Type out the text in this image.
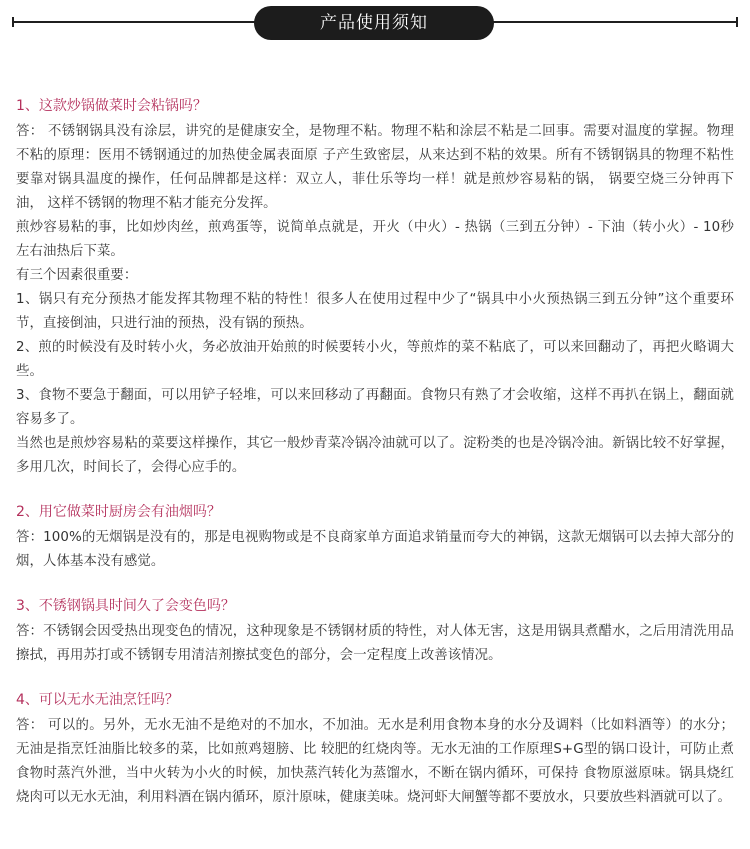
产品使用须知
1、这款炒锅做菜时会粘锅吗？

答： 不锈钢锅具没有涂层，讲究的是健康安全，是物理不粘。物理不粘和涂层不粘是二回事。需要对温度的掌握。物理不粘的原理：医用不锈钢通过的加热使金属表面原 子产生致密层，从来达到不粘的效果。所有不锈钢锅具的物理不粘性要靠对锅具温度的操作，任何品牌都是这样：双立人，菲仕乐等均一样！就是煎炒容易粘的锅， 锅要空烧三分钟再下油， 这样不锈钢的物理不粘才能充分发挥。

煎炒容易粘的事，比如炒肉丝，煎鸡蛋等，说简单点就是，开火（中火）- 热锅（三到五分钟）- 下油（转小火）- 10秒左右油热后下菜。

有三个因素很重要：

1、锅只有充分预热才能发挥其物理不粘的特性！很多人在使用过程中少了“锅具中小火预热锅三到五分钟”这个重要环节，直接倒油，只进行油的预热，没有锅的预热。

2、煎的时候没有及时转小火，务必放油开始煎的时候要转小火，等煎炸的菜不粘底了，可以来回翻动了，再把火略调大些。

3、食物不要急于翻面，可以用铲子轻堆，可以来回移动了再翻面。食物只有熟了才会收缩，这样不再扒在锅上，翻面就容易多了。

当然也是煎炒容易粘的菜要这样操作，其它一般炒青菜冷锅冷油就可以了。淀粉类的也是冷锅冷油。新锅比较不好掌握，多用几次，时间长了，会得心应手的。

2、用它做菜时厨房会有油烟吗？

答：100%的无烟锅是没有的，那是电视购物或是不良商家单方面追求销量而夸大的神锅，这款无烟锅可以去掉大部分的烟，人体基本没有感觉。

3、不锈钢锅具时间久了会变色吗？

答：不锈钢会因受热出现变色的情况，这种现象是不锈钢材质的特性，对人体无害，这是用锅具煮醋水，之后用清洗用品擦拭，再用苏打或不锈钢专用清洁剂擦拭变色的部分，会一定程度上改善该情况。

4、可以无水无油烹饪吗？

答： 可以的。另外，无水无油不是绝对的不加水，不加油。无水是利用食物本身的水分及调料（比如料酒等）的水分；无油是指烹饪油脂比较多的菜，比如煎鸡翅膀、比 较肥的红烧肉等。无水无油的工作原理S+G型的锅口设计，可防止煮食物时蒸汽外泄，当中火转为小火的时候，加快蒸汽转化为蒸馏水，不断在锅内循环，可保持 食物原滋原味。锅具烧红烧肉可以无水无油，利用料酒在锅内循环，原汁原味，健康美味。烧河虾大闸蟹等都不要放水，只要放些料酒就可以了。
